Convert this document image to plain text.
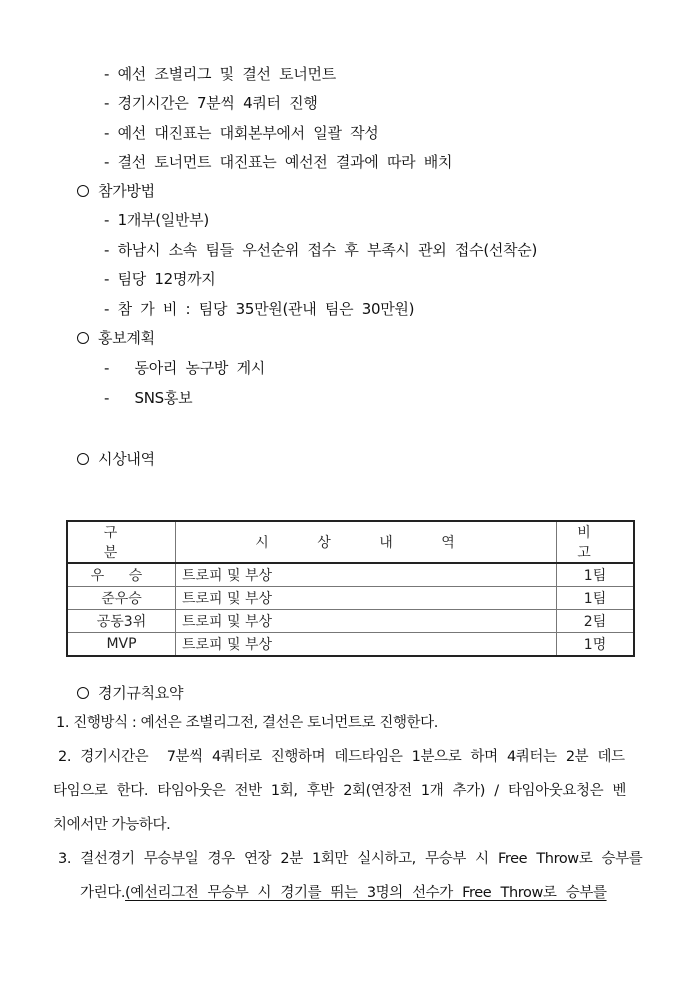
- 예선 조별리그 및 결선 토너먼트
- 경기시간은 7분씩 4쿼터 진행
- 예선 대진표는 대회본부에서 일괄 작성
- 결선 토너먼트 대진표는 예선전 결과에 따라 배치
참가방법
- 1개부(일반부)
- 하남시 소속 팀들 우선순위 접수 후 부족시 관외 접수(선착순)
- 팀당 12명까지
- 참 가 비 : 팀당 35만원(관내 팀은 30만원)
홍보계획
-   동아리 농구방 게시
-   SNS홍보
시상내역
구 분	시 상 내 역	비 고
우 승	트로피 및 부상	1팀
준우승	트로피 및 부상	1팀
공동3위	트로피 및 부상	2팀
MVP	트로피 및 부상	1명
경기규칙요약
1. 진행방식 : 예선은 조별리그전, 결선은 토너먼트로 진행한다.
2. 경기시간은  7분씩 4쿼터로 진행하며 데드타임은 1분으로 하며 4쿼터는 2분 데드
타임으로 한다. 타임아웃은 전반 1회, 후반 2회(연장전 1개 추가) / 타임아웃요청은 벤
치에서만 가능하다.
3. 결선경기 무승부일 경우 연장 2분 1회만 실시하고, 무승부 시 Free Throw로 승부를
가린다.(예선리그전 무승부 시 경기를 뛰는 3명의 선수가 Free Throw로 승부를
